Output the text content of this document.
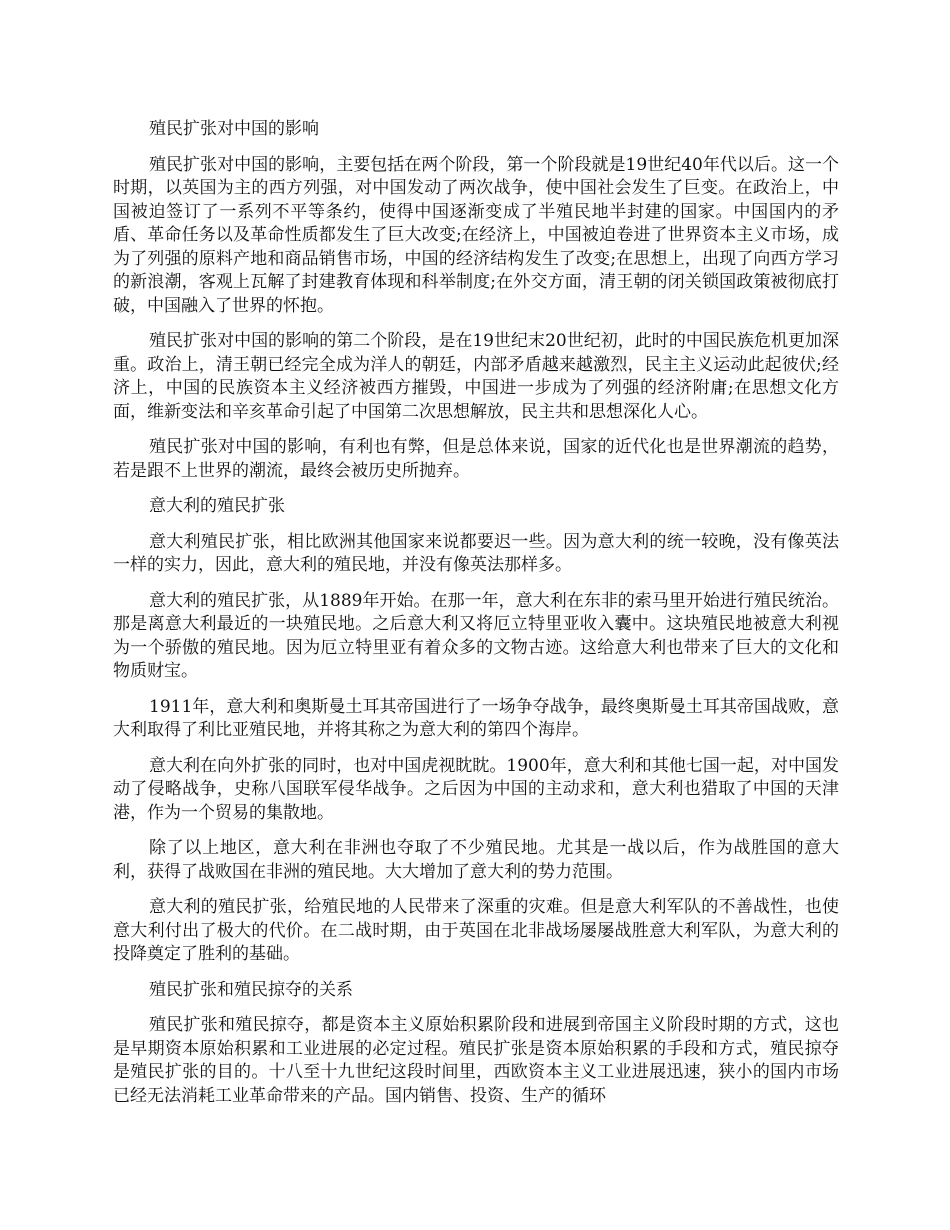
殖民扩张对中国的影响

殖民扩张对中国的影响，主要包括在两个阶段，第一个阶段就是19世纪40年代以后。这一个时期，以英国为主的西方列强，对中国发动了两次战争，使中国社会发生了巨变。在政治上，中国被迫签订了一系列不平等条约，使得中国逐渐变成了半殖民地半封建的国家。中国国内的矛盾、革命任务以及革命性质都发生了巨大改变;在经济上，中国被迫卷进了世界资本主义市场，成为了列强的原料产地和商品销售市场，中国的经济结构发生了改变;在思想上，出现了向西方学习的新浪潮，客观上瓦解了封建教育体现和科举制度;在外交方面，清王朝的闭关锁国政策被彻底打破，中国融入了世界的怀抱。

殖民扩张对中国的影响的第二个阶段，是在19世纪末20世纪初，此时的中国民族危机更加深重。政治上，清王朝已经完全成为洋人的朝廷，内部矛盾越来越激烈，民主主义运动此起彼伏;经济上，中国的民族资本主义经济被西方摧毁，中国进一步成为了列强的经济附庸;在思想文化方面，维新变法和辛亥革命引起了中国第二次思想解放，民主共和思想深化人心。

殖民扩张对中国的影响，有利也有弊，但是总体来说，国家的近代化也是世界潮流的趋势，若是跟不上世界的潮流，最终会被历史所抛弃。

意大利的殖民扩张

意大利殖民扩张，相比欧洲其他国家来说都要迟一些。因为意大利的统一较晚，没有像英法一样的实力，因此，意大利的殖民地，并没有像英法那样多。

意大利的殖民扩张，从1889年开始。在那一年，意大利在东非的索马里开始进行殖民统治。那是离意大利最近的一块殖民地。之后意大利又将厄立特里亚收入囊中。这块殖民地被意大利视为一个骄傲的殖民地。因为厄立特里亚有着众多的文物古迹。这给意大利也带来了巨大的文化和物质财宝。

1911年，意大利和奥斯曼土耳其帝国进行了一场争夺战争，最终奥斯曼土耳其帝国战败，意大利取得了利比亚殖民地，并将其称之为意大利的第四个海岸。

意大利在向外扩张的同时，也对中国虎视眈眈。1900年，意大利和其他七国一起，对中国发动了侵略战争，史称八国联军侵华战争。之后因为中国的主动求和，意大利也猎取了中国的天津港，作为一个贸易的集散地。

除了以上地区，意大利在非洲也夺取了不少殖民地。尤其是一战以后，作为战胜国的意大利，获得了战败国在非洲的殖民地。大大增加了意大利的势力范围。

意大利的殖民扩张，给殖民地的人民带来了深重的灾难。但是意大利军队的不善战性，也使意大利付出了极大的代价。在二战时期，由于英国在北非战场屡屡战胜意大利军队，为意大利的投降奠定了胜利的基础。

殖民扩张和殖民掠夺的关系

殖民扩张和殖民掠夺，都是资本主义原始积累阶段和进展到帝国主义阶段时期的方式，这也是早期资本原始积累和工业进展的必定过程。殖民扩张是资本原始积累的手段和方式，殖民掠夺是殖民扩张的目的。十八至十九世纪这段时间里，西欧资本主义工业进展迅速，狭小的国内市场已经无法消耗工业革命带来的产品。国内销售、投资、生产的循环
